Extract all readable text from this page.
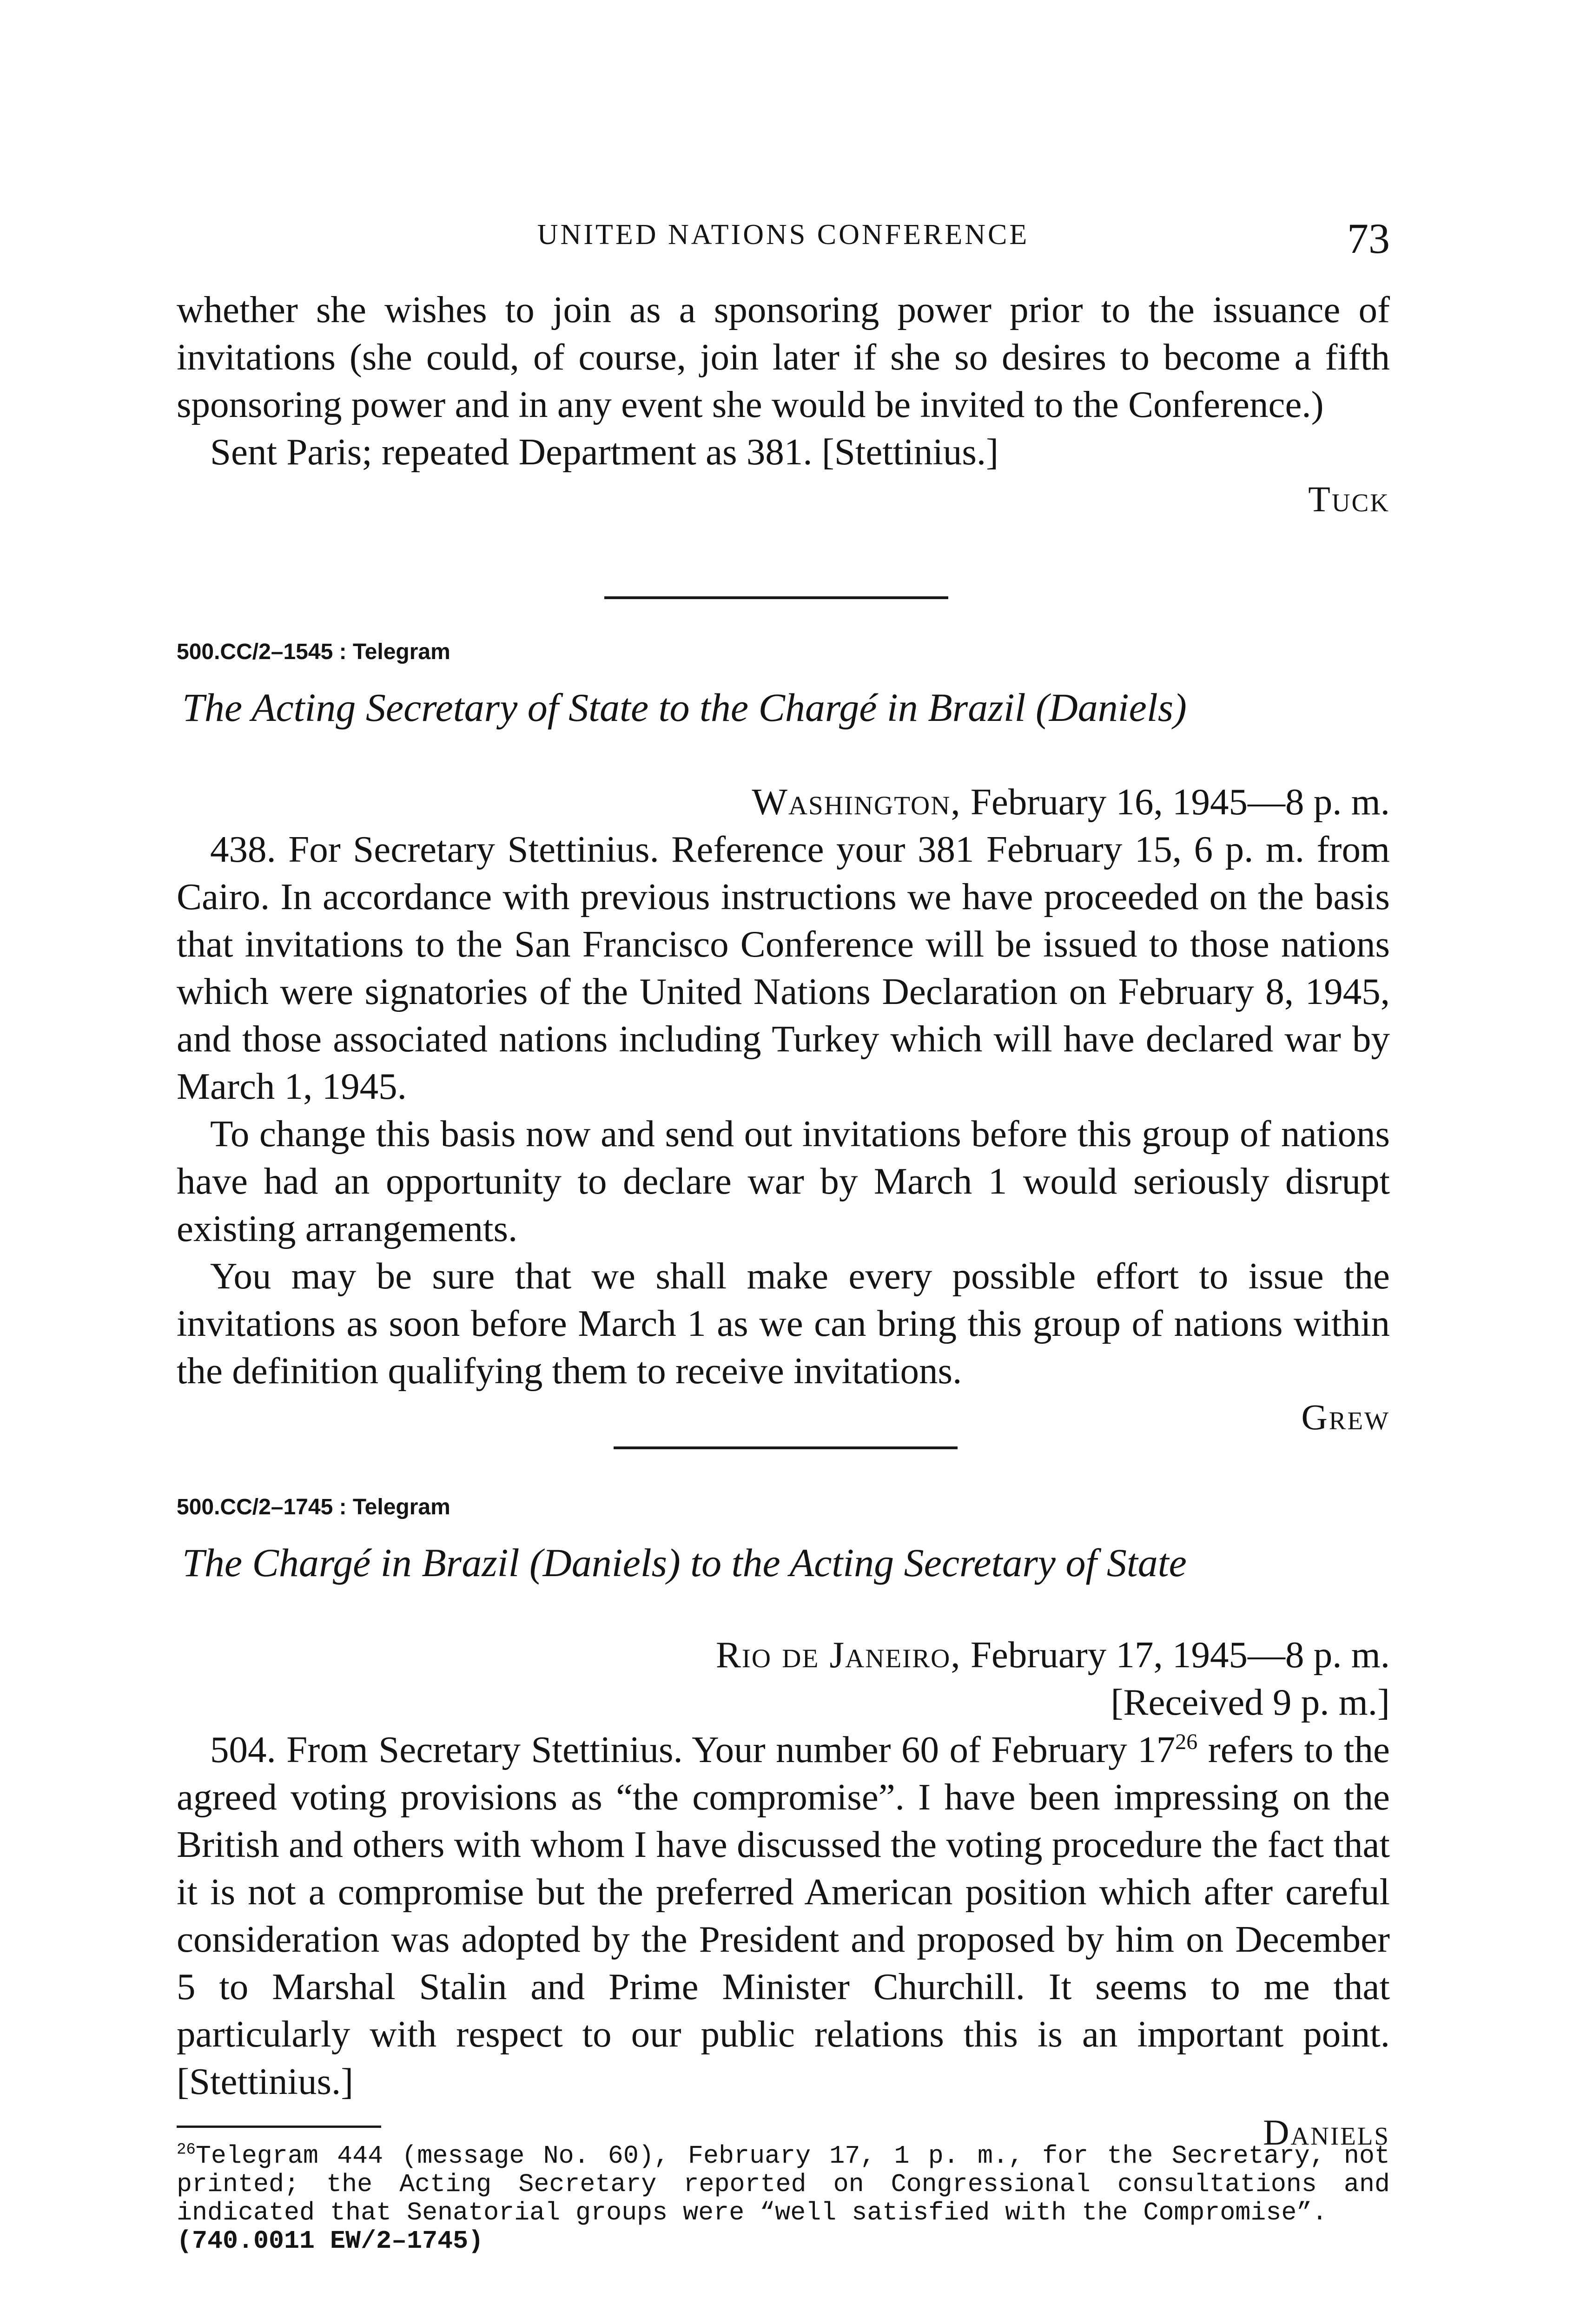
UNITED NATIONS CONFERENCE	73

whether she wishes to join as a sponsoring power prior to the issuance of invitations (she could, of course, join later if she so desires to become a fifth sponsoring power and in any event she would be invited to the Conference.)

Sent Paris; repeated Department as 381. [Stettinius.]

Tuck

500.CC/2–1545 : Telegram

The Acting Secretary of State to the Chargé in Brazil (Daniels)

Washington, February 16, 1945—8 p. m.

438. For Secretary Stettinius. Reference your 381 February 15, 6 p. m. from Cairo. In accordance with previous instructions we have proceeded on the basis that invitations to the San Francisco Conference will be issued to those nations which were signatories of the United Nations Declaration on February 8, 1945, and those associated nations including Turkey which will have declared war by March 1, 1945.

To change this basis now and send out invitations before this group of nations have had an opportunity to declare war by March 1 would seriously disrupt existing arrangements.

You may be sure that we shall make every possible effort to issue the invitations as soon before March 1 as we can bring this group of nations within the definition qualifying them to receive invitations.

Grew

500.CC/2–1745 : Telegram

The Chargé in Brazil (Daniels) to the Acting Secretary of State

Rio de Janeiro, February 17, 1945—8 p. m.

[Received 9 p. m.]

504. From Secretary Stettinius. Your number 60 of February $17^{26}$ refers to the agreed voting provisions as “the compromise”. I have been impressing on the British and others with whom I have discussed the voting procedure the fact that it is not a compromise but the preferred American position which after careful consideration was adopted by the President and proposed by him on December 5 to Marshal Stalin and Prime Minister Churchill. It seems to me that particularly with respect to our public relations this is an important point. [Stettinius.]

Daniels

$^{26}$Telegram 444 (message No. 60), February 17, 1 p. m., for the Secretary, not printed; the Acting Secretary reported on Congressional consultations and indicated that Senatorial groups were “well satisfied with the Compromise”.
(740.0011 EW/2–1745)
